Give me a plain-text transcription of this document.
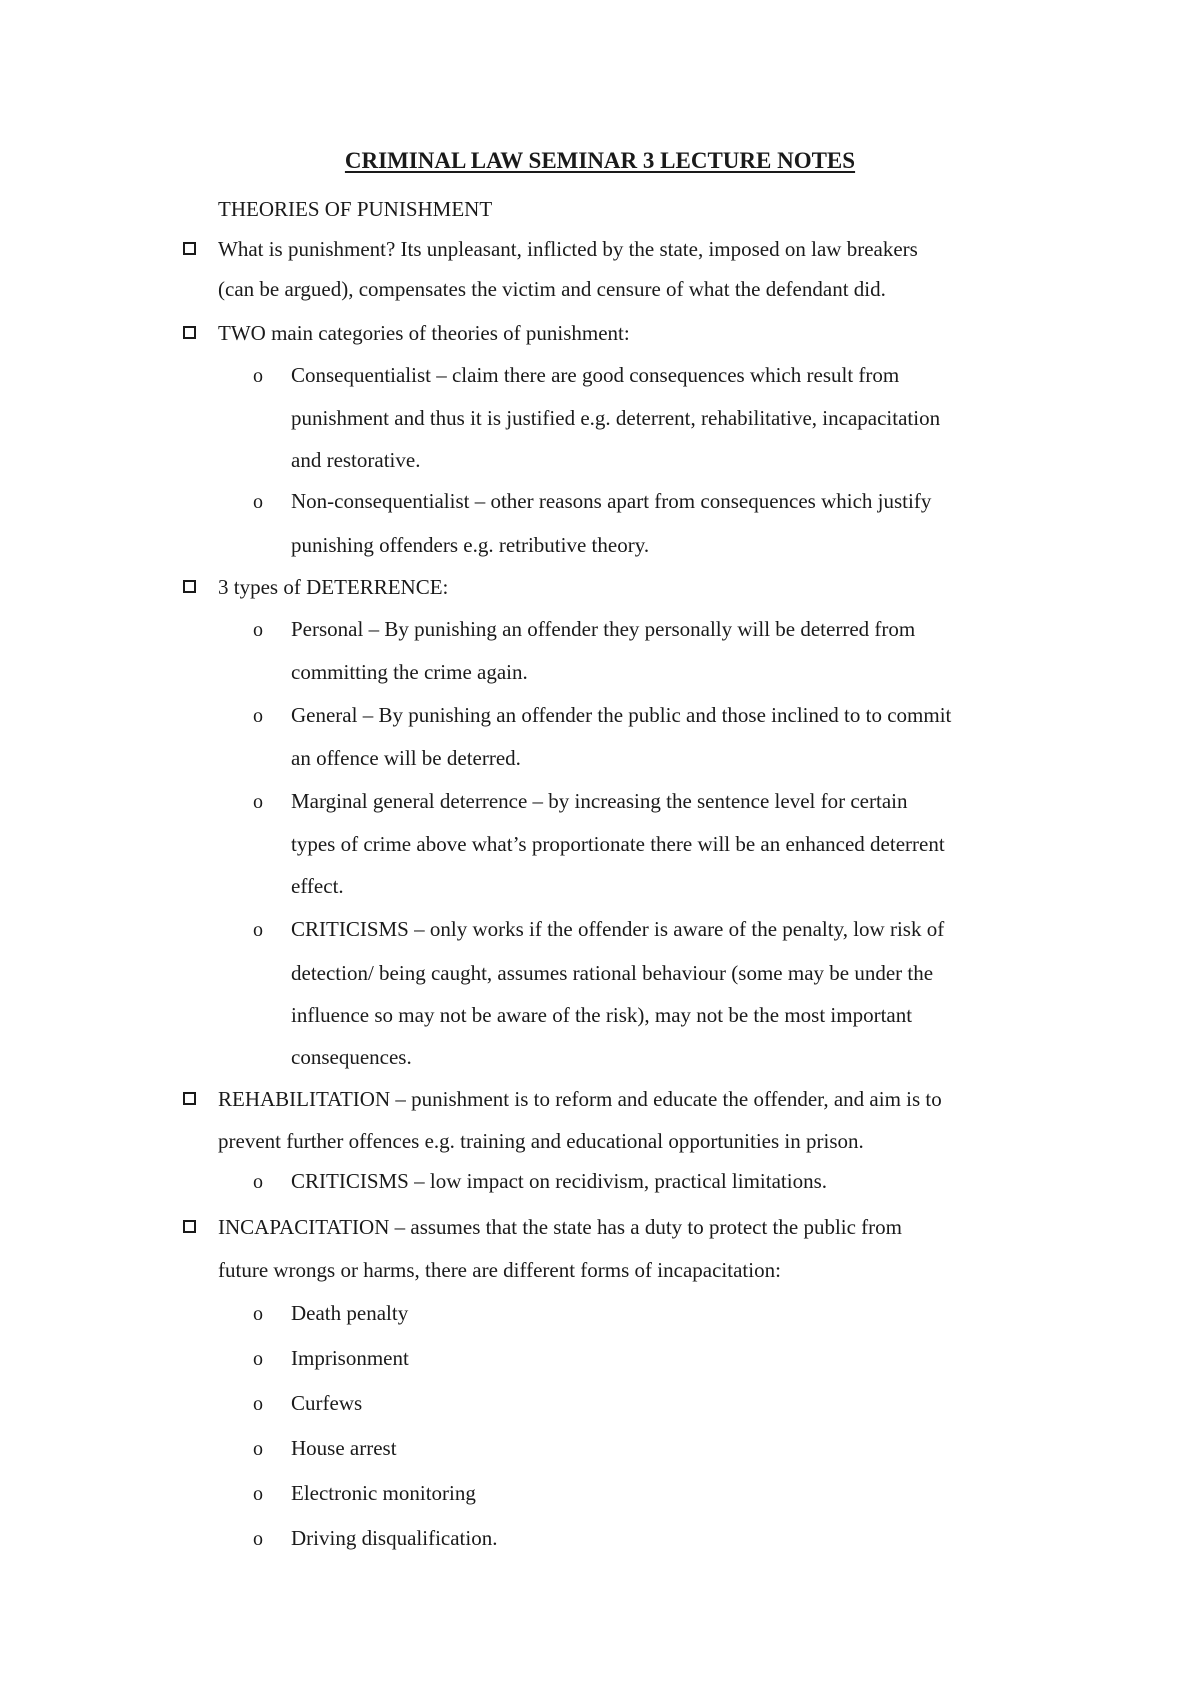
CRIMINAL LAW SEMINAR 3 LECTURE NOTES
THEORIES OF PUNISHMENT
What is punishment? Its unpleasant, inflicted by the state, imposed on law breakers
(can be argued), compensates the victim and censure of what the defendant did.
TWO main categories of theories of punishment:
o Consequentialist – claim there are good consequences which result from
punishment and thus it is justified e.g. deterrent, rehabilitative, incapacitation
and restorative.
o Non-consequentialist – other reasons apart from consequences which justify
punishing offenders e.g. retributive theory.
3 types of DETERRENCE:
o Personal – By punishing an offender they personally will be deterred from
committing the crime again.
o General – By punishing an offender the public and those inclined to to commit
an offence will be deterred.
o Marginal general deterrence – by increasing the sentence level for certain
types of crime above what’s proportionate there will be an enhanced deterrent
effect.
o CRITICISMS – only works if the offender is aware of the penalty, low risk of
detection/ being caught, assumes rational behaviour (some may be under the
influence so may not be aware of the risk), may not be the most important
consequences.
REHABILITATION – punishment is to reform and educate the offender, and aim is to
prevent further offences e.g. training and educational opportunities in prison.
o CRITICISMS – low impact on recidivism, practical limitations.
INCAPACITATION – assumes that the state has a duty to protect the public from
future wrongs or harms, there are different forms of incapacitation:
o Death penalty
o Imprisonment
o Curfews
o House arrest
o Electronic monitoring
o Driving disqualification.
